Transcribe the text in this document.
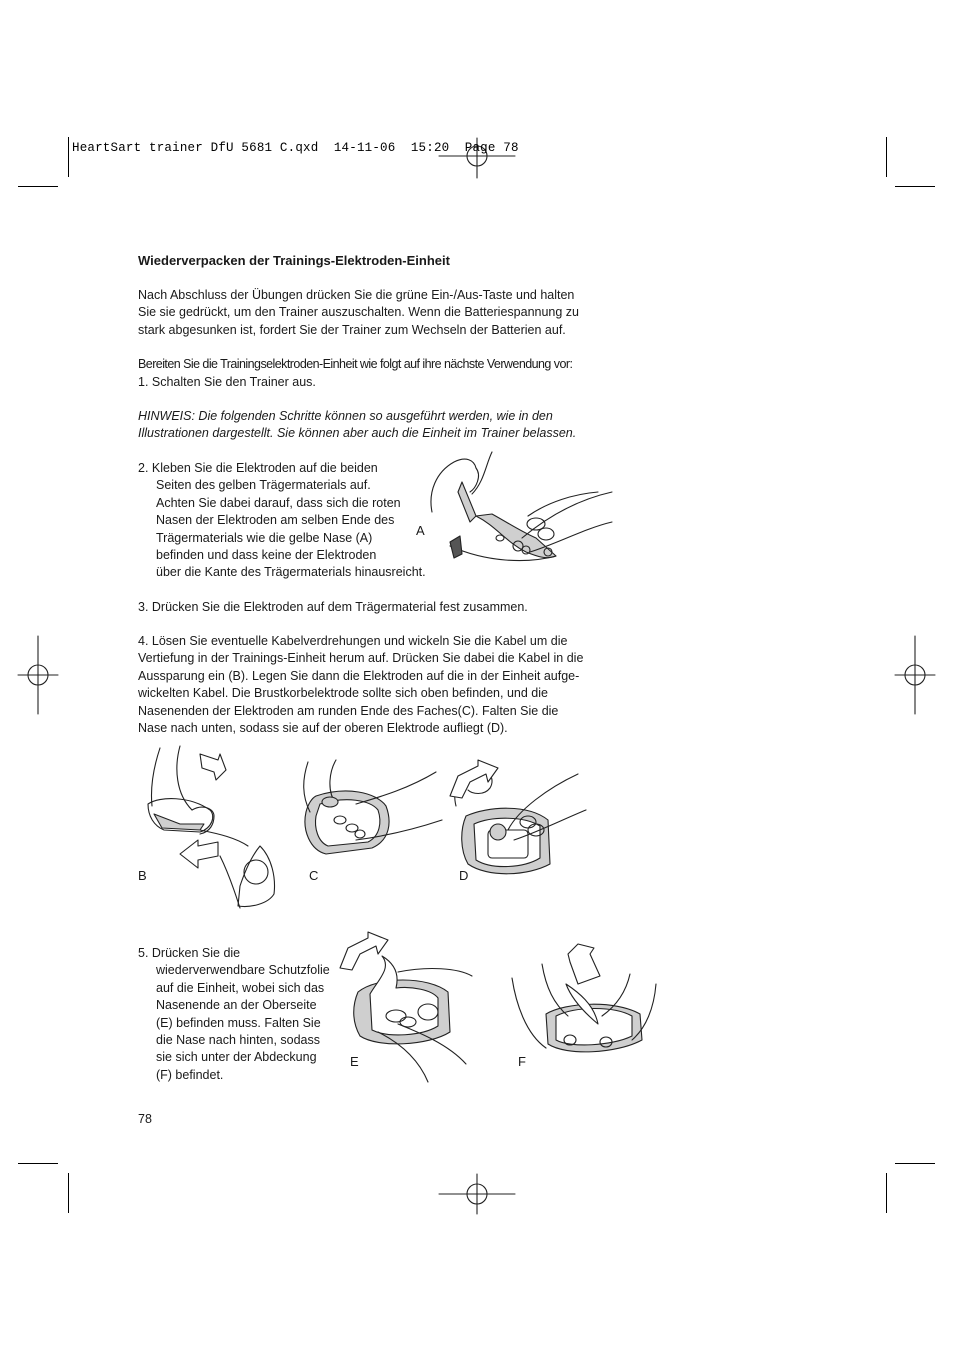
HeartSart trainer DfU 5681 C.qxd  14-11-06  15:20  Page 78
Wiederverpacken der Trainings-Elektroden-Einheit
Nach Abschluss der Übungen drücken Sie die grüne Ein-/Aus-Taste und halten
Sie sie gedrückt, um den Trainer auszuschalten. Wenn die Batteriespannung zu
stark abgesunken ist, fordert Sie der Trainer zum Wechseln der Batterien auf.
Bereiten Sie die Trainingselektroden-Einheit wie folgt auf ihre nächste Verwendung vor:
1. Schalten Sie den Trainer aus.
HINWEIS: Die folgenden Schritte können so ausgeführt werden, wie in den
Illustrationen dargestellt. Sie können aber auch die Einheit im Trainer belassen.
2. Kleben Sie die Elektroden auf die beiden
Seiten des gelben Trägermaterials auf.
Achten Sie dabei darauf, dass sich die roten
Nasen der Elektroden am selben Ende des
Trägermaterials wie die gelbe Nase (A)
befinden und dass keine der Elektroden
über die Kante des Trägermaterials hinausreicht.
A
3. Drücken Sie die Elektroden auf dem Trägermaterial fest zusammen.
4. Lösen Sie eventuelle Kabelverdrehungen und wickeln Sie die Kabel um die
Vertiefung in der Trainings-Einheit herum auf. Drücken Sie dabei die Kabel in die
Aussparung ein (B). Legen Sie dann die Elektroden auf die in der Einheit aufge-
wickelten Kabel. Die Brustkorbelektrode sollte sich oben befinden, und die
Nasenenden der Elektroden am runden Ende des Faches(C). Falten Sie die
Nase nach unten, sodass sie auf der oberen Elektrode aufliegt (D).
B	C	D
5. Drücken Sie die
wiederverwendbare Schutzfolie
auf die Einheit, wobei sich das
Nasenende an der Oberseite
(E) befinden muss. Falten Sie
die Nase nach hinten, sodass
sie sich unter der Abdeckung
(F) befindet.
E	F
78
